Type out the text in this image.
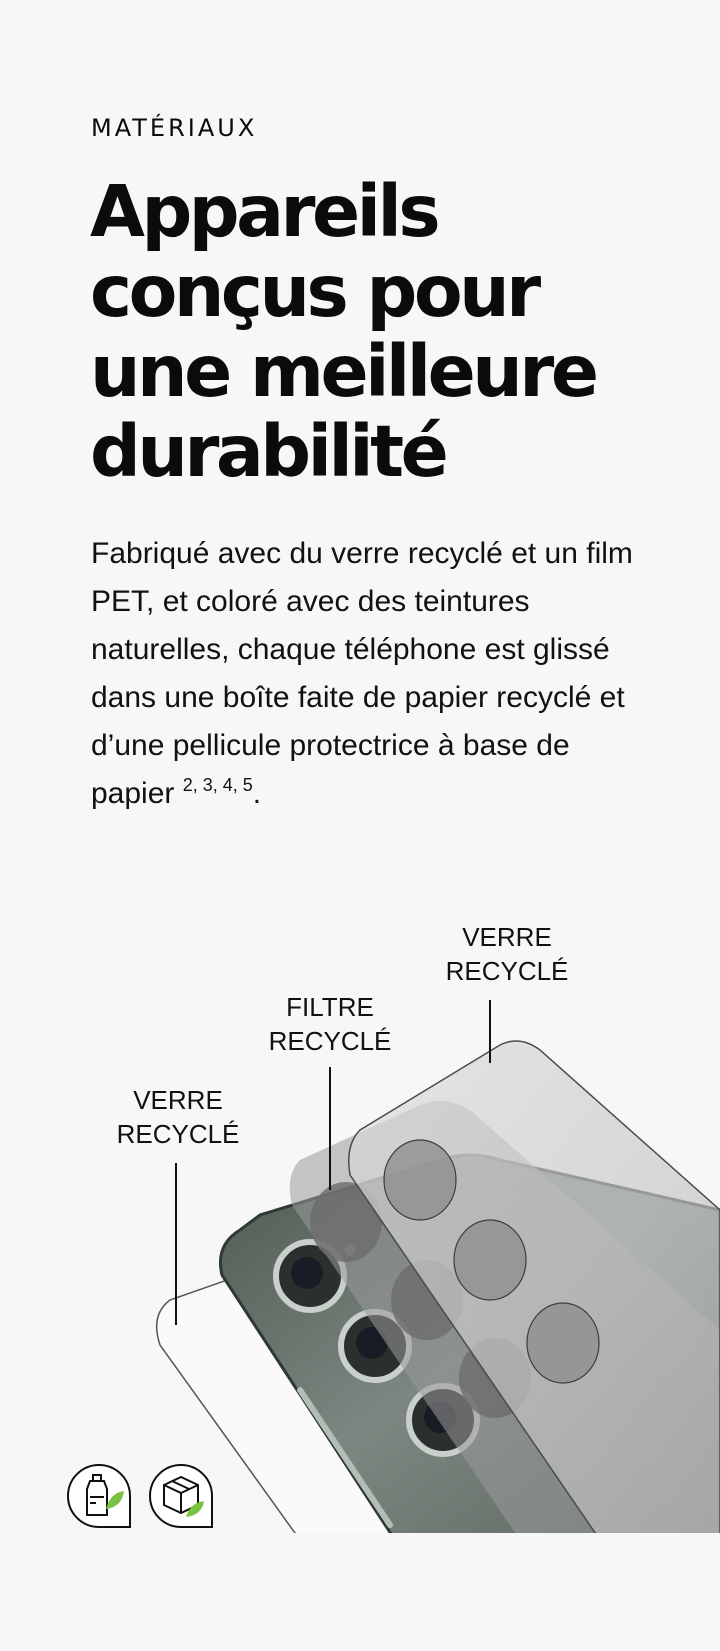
MATÉRIAUX
Appareils conçus pour une meilleure durabilité

Fabriqué avec du verre recyclé et un film PET, et coloré avec des teintures naturelles, chaque téléphone est glissé dans une boîte faite de papier recyclé et d’une pellicule protectrice à base de papier $^{2, 3, 4, 5}$.

VERRE
RECYCLÉ
FILTRE
RECYCLÉ
VERRE
RECYCLÉ
